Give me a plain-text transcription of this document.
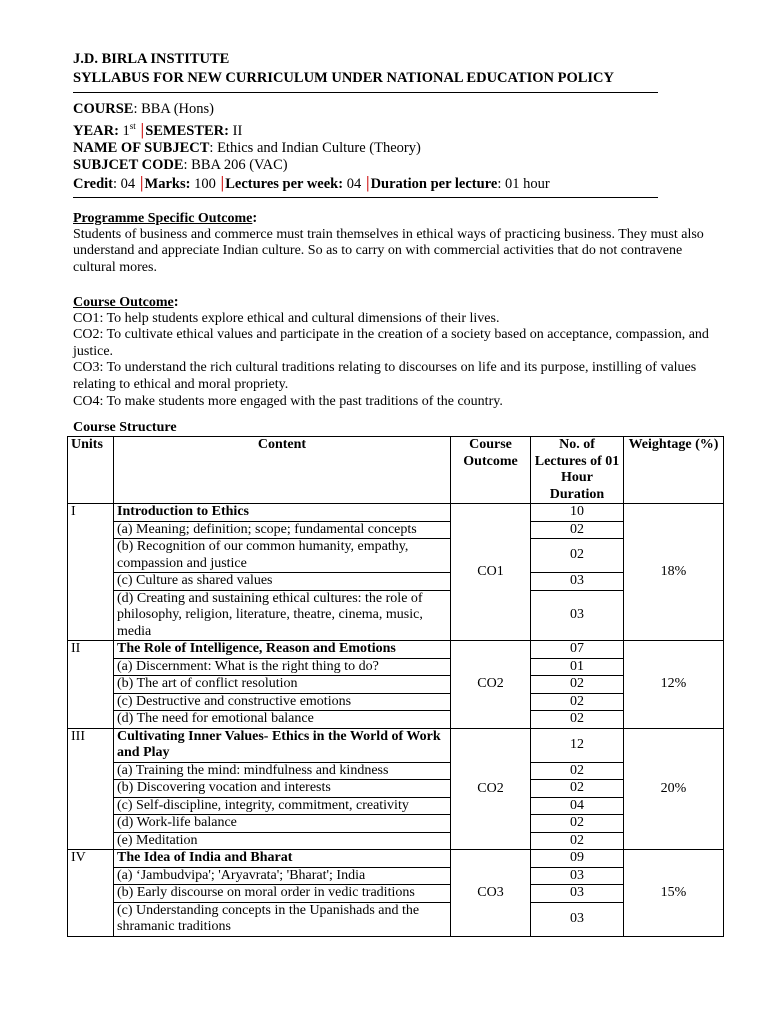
J.D. BIRLA INSTITUTE
SYLLABUS FOR NEW CURRICULUM UNDER NATIONAL EDUCATION POLICY
COURSE: BBA (Hons)
YEAR: 1st |SEMESTER: II
NAME OF SUBJECT: Ethics and Indian Culture (Theory)
SUBJCET CODE: BBA 206 (VAC)
Credit: 04 |Marks: 100 |Lectures per week: 04 |Duration per lecture: 01 hour
Programme Specific Outcome:
Students of business and commerce must train themselves in ethical ways of practicing business. They must also understand and appreciate Indian culture. So as to carry on with commercial activities that do not contravene cultural mores.
Course Outcome:
CO1: To help students explore ethical and cultural dimensions of their lives.
CO2: To cultivate ethical values and participate in the creation of a society based on acceptance, compassion, and justice.
CO3: To understand the rich cultural traditions relating to discourses on life and its purpose, instilling of values relating to ethical and moral propriety.
CO4: To make students more engaged with the past traditions of the country.
Course Structure
Units	Content	Course Outcome	No. of Lectures of 01 Hour Duration	Weightage (%)
I	Introduction to Ethics	CO1	10	18%
	(a) Meaning; definition; scope; fundamental concepts		02	
	(b) Recognition of our common humanity, empathy, compassion and justice		02	
	(c) Culture as shared values		03	
	(d) Creating and sustaining ethical cultures: the role of philosophy, religion, literature, theatre, cinema, music, media		03	
II	The Role of Intelligence, Reason and Emotions	CO2	07	12%
	(a) Discernment: What is the right thing to do?		01	
	(b) The art of conflict resolution		02	
	(c) Destructive and constructive emotions		02	
	(d) The need for emotional balance		02	
III	Cultivating Inner Values- Ethics in the World of Work and Play	CO2	12	20%
	(a) Training the mind: mindfulness and kindness		02	
	(b) Discovering vocation and interests		02	
	(c) Self-discipline, integrity, commitment, creativity		04	
	(d) Work-life balance		02	
	(e) Meditation		02	
IV	The Idea of India and Bharat	CO3	09	15%
	(a) ‘Jambudvipa'; 'Aryavrata'; 'Bharat'; India		03	
	(b) Early discourse on moral order in vedic traditions		03	
	(c) Understanding concepts in the Upanishads and the shramanic traditions		03	
